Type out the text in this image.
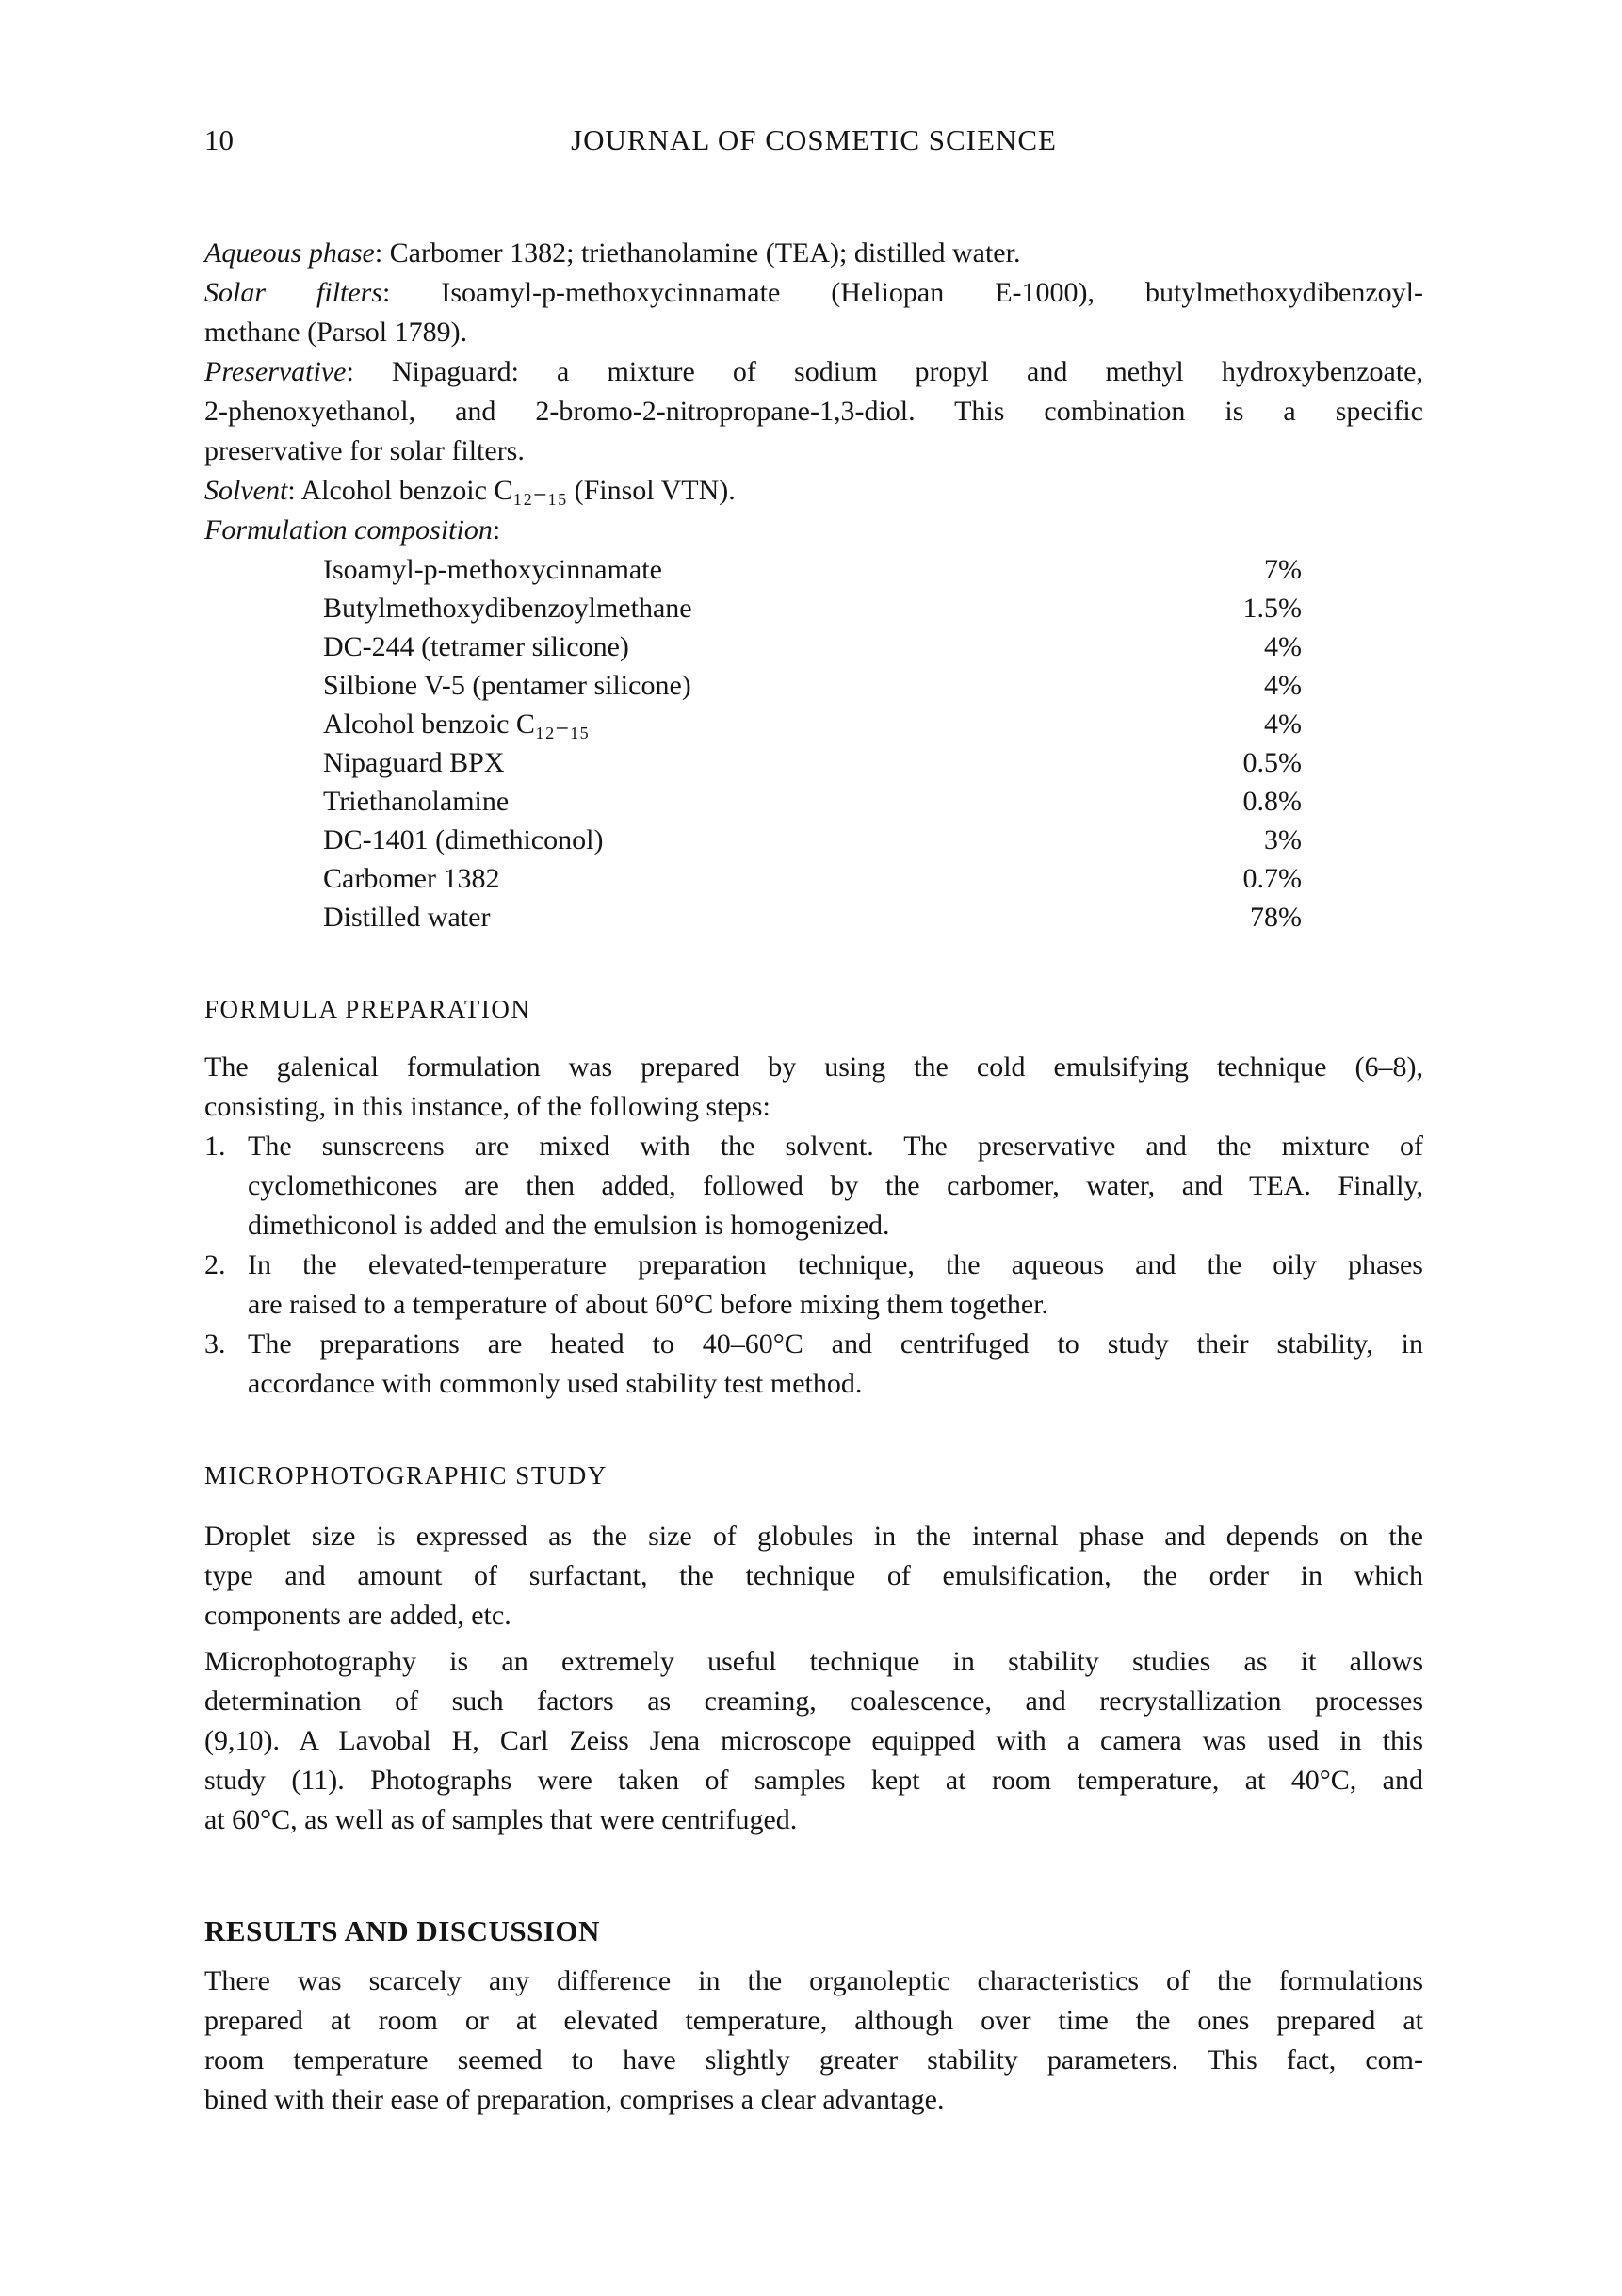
10	JOURNAL OF COSMETIC SCIENCE
Aqueous phase: Carbomer 1382; triethanolamine (TEA); distilled water.
Solar filters: Isoamyl-p-methoxycinnamate (Heliopan E-1000), butylmethoxydibenzoyl-
methane (Parsol 1789).
Preservative: Nipaguard: a mixture of sodium propyl and methyl hydroxybenzoate,
2-phenoxyethanol, and 2-bromo-2-nitropropane-1,3-diol. This combination is a specific
preservative for solar filters.
Solvent: Alcohol benzoic C₁₂₋₁₅ (Finsol VTN).
Formulation composition:
Isoamyl-p-methoxycinnamate	7%
Butylmethoxydibenzoylmethane	1.5%
DC-244 (tetramer silicone)	4%
Silbione V-5 (pentamer silicone)	4%
Alcohol benzoic C₁₂₋₁₅	4%
Nipaguard BPX	0.5%
Triethanolamine	0.8%
DC-1401 (dimethiconol)	3%
Carbomer 1382	0.7%
Distilled water	78%
FORMULA PREPARATION
The galenical formulation was prepared by using the cold emulsifying technique (6–8),
consisting, in this instance, of the following steps:
1. The sunscreens are mixed with the solvent. The preservative and the mixture of
cyclomethicones are then added, followed by the carbomer, water, and TEA. Finally,
dimethiconol is added and the emulsion is homogenized.
2. In the elevated-temperature preparation technique, the aqueous and the oily phases
are raised to a temperature of about 60°C before mixing them together.
3. The preparations are heated to 40–60°C and centrifuged to study their stability, in
accordance with commonly used stability test method.
MICROPHOTOGRAPHIC STUDY
Droplet size is expressed as the size of globules in the internal phase and depends on the
type and amount of surfactant, the technique of emulsification, the order in which
components are added, etc.
Microphotography is an extremely useful technique in stability studies as it allows
determination of such factors as creaming, coalescence, and recrystallization processes
(9,10). A Lavobal H, Carl Zeiss Jena microscope equipped with a camera was used in this
study (11). Photographs were taken of samples kept at room temperature, at 40°C, and
at 60°C, as well as of samples that were centrifuged.
RESULTS AND DISCUSSION
There was scarcely any difference in the organoleptic characteristics of the formulations
prepared at room or at elevated temperature, although over time the ones prepared at
room temperature seemed to have slightly greater stability parameters. This fact, com-
bined with their ease of preparation, comprises a clear advantage.
